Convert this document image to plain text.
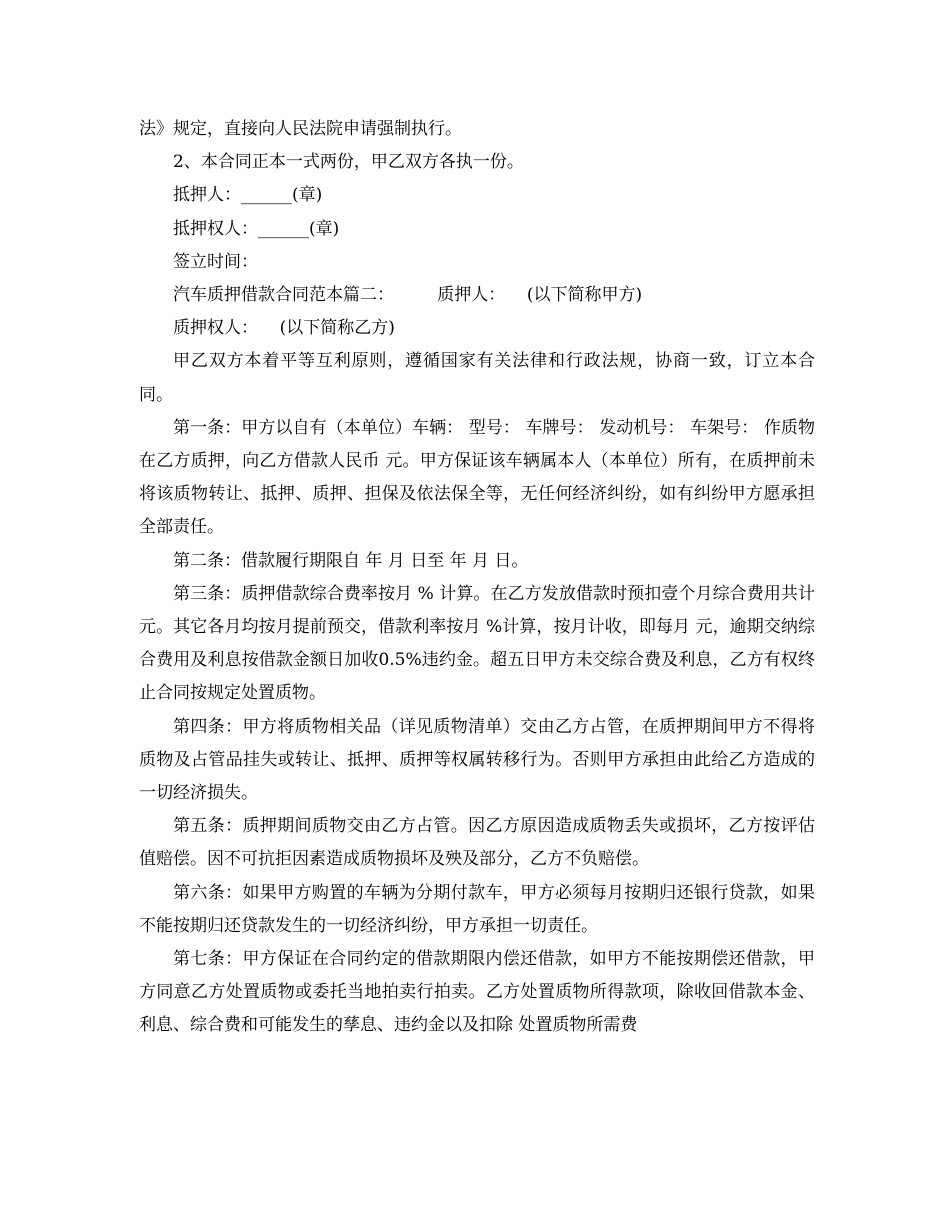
法》规定，直接向人民法院申请强制执行。
2、本合同正本一式两份，甲乙双方各执一份。
抵押人：______(章)
抵押权人：______(章)
签立时间：
汽车质押借款合同范本篇二：        质押人：    (以下简称甲方)
质押权人：    (以下简称乙方)

甲乙双方本着平等互利原则，遵循国家有关法律和行政法规，协商一致，订立本合同。

第一条：甲方以自有（本单位）车辆： 型号： 车牌号： 发动机号： 车架号： 作质物在乙方质押，向乙方借款人民币 元。甲方保证该车辆属本人（本单位）所有，在质押前未将该质物转让、抵押、质押、担保及依法保全等，无任何经济纠纷，如有纠纷甲方愿承担全部责任。

第二条：借款履行期限自 年 月 日至 年 月 日。

第三条：质押借款综合费率按月 % 计算。在乙方发放借款时预扣壹个月综合费用共计 元。其它各月均按月提前预交，借款利率按月 %计算，按月计收，即每月 元，逾期交纳综合费用及利息按借款金额日加收0.5%违约金。超五日甲方未交综合费及利息，乙方有权终止合同按规定处置质物。

第四条：甲方将质物相关品（详见质物清单）交由乙方占管，在质押期间甲方不得将质物及占管品挂失或转让、抵押、质押等权属转移行为。否则甲方承担由此给乙方造成的一切经济损失。

第五条：质押期间质物交由乙方占管。因乙方原因造成质物丢失或损坏，乙方按评估值赔偿。因不可抗拒因素造成质物损坏及殃及部分，乙方不负赔偿。

第六条：如果甲方购置的车辆为分期付款车，甲方必须每月按期归还银行贷款，如果不能按期归还贷款发生的一切经济纠纷，甲方承担一切责任。

第七条：甲方保证在合同约定的借款期限内偿还借款，如甲方不能按期偿还借款，甲方同意乙方处置质物或委托当地拍卖行拍卖。乙方处置质物所得款项，除收回借款本金、利息、综合费和可能发生的孳息、违约金以及扣除 处置质物所需费
